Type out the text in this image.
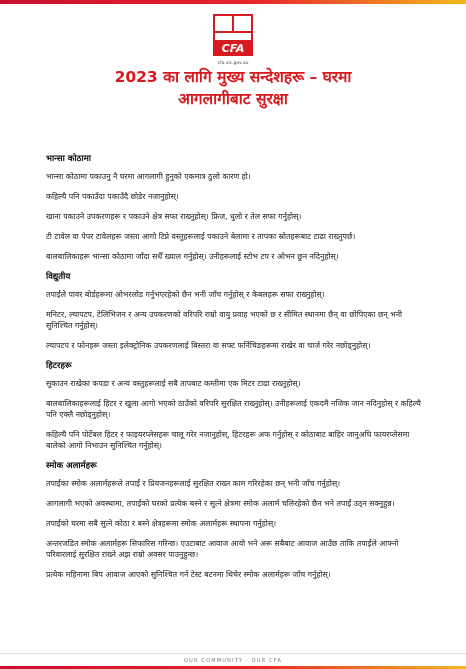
CFA
cfa.vic.gov.au
2023 का लागि मुख्य सन्देशहरू – घरमा
आगलागीबाट सुरक्षा
भान्सा कोठामा

भान्सा कोठामा पकाउनु नै घरमा आगलागी हुनुको एकमात्र ठुलो कारण हो।

कहिल्यै पनि पकाउँदा पकाउँदै छोडेर नजानुहोस्।

खाना पकाउने उपकरणहरू र पकाउने क्षेत्र सफा राख्नुहोस्। फ्रिज, धुलो र तेल सफा गर्नुहोस्।

टी टावेल वा पेपर टावेलहरू जस्ता आगो टिप्ने वस्तुहरूलाई पकाउने बेलामा र तापका स्रोतहरूबाट टाढा राख्नुपर्छ।

बालबालिकाहरू भान्सा कोठामा जाँदा सधैँ ख्याल गर्नुहोस्। उनीहरूलाई स्टोभ टप र ओभन छुन नदिनुहोस्।

विद्युतीय

तपाईंले पावर बोर्डहरूमा ओभरलोड गर्नुभएरहेको छैन भनी जाँच गर्नुहोस् र केबलहरू सफा राख्नुहोस्।

मनिटर, ल्यापटप, टेलिभिजन र अन्य उपकरणको वरिपरि राम्रो वायु प्रवाह भएको छ र सीमित स्थानमा छैन् वा छोपिएका छन् भनी सुनिश्चित गर्नुहोस्।

ल्यापटप र फोनहरू जस्ता इलेक्ट्रोनिक उपकरणलाई बिस्तरा वा सफ्ट फर्निचिङहरूमा राखेर वा चार्ज गरेर नछोड्नुहोस्।

हिटरहरू

सुकाउन राखेका कपडा र अन्य वस्तुहरूलाई सबै तापबाट कम्तीमा एक मिटर टाढा राख्नुहोस्।

बालबालिकाहरूलाई हिटर र खुला आगो भएको ठाउँको वरिपरि सुरक्षित राख्नुहोस्। उनीहरूलाई एकदमै नजिक जान नदिनुहोस् र कहिल्यै पनि एक्लै नछोड्नुहोस्।

कहिल्यै पनि पोर्टेबल हिटर र फाइयरप्लेसहरू चालू गरेर नजानुहोस्, हिटरहरू अफ गर्नुहोस् र कोठाबाट बाहिर जानुअघि फायरप्लेसमा बालेको आगो निभाउन सुनिश्चित गर्नुहोस्।

स्मोक अलार्महरू

तपाईंका स्मोक अलार्महरूले तपाईं र प्रियजनहरूलाई सुरक्षित राख्न काम गरिरहेका छन् भनी जाँच गर्नुहोस्।

आगलागी भएको अवस्थामा, तपाईंको घरको प्रत्येक बस्ने र सुत्ने क्षेत्रमा स्मोक अलार्म चलिरहेको छैन भने तपाईं उठ्न सक्नुहुन्न।

तपाईंको घरमा सबै सुत्ने कोठा र बस्ने क्षेत्रहरूमा स्मोक अलार्महरू स्थापना गर्नुहोस्।

अन्तरजडित स्मोक अलार्महरू सिफारिस गरिन्छ। एउटाबाट आवाज आयो भने अरू सबैबाट आवाज आउँछ ताकि तपाईंले आफ्नो परिवारलाई सुरक्षित राख्ने अझ राम्रो अवसर पाउनुहुन्छ।

प्रत्येक महिनामा बिप आवाज आएको सुनिश्चित गर्न टेस्ट बटनमा थिचेर स्मोक अलार्महरू जाँच गर्नुहोस्।

OUR COMMUNITY · OUR CFA
